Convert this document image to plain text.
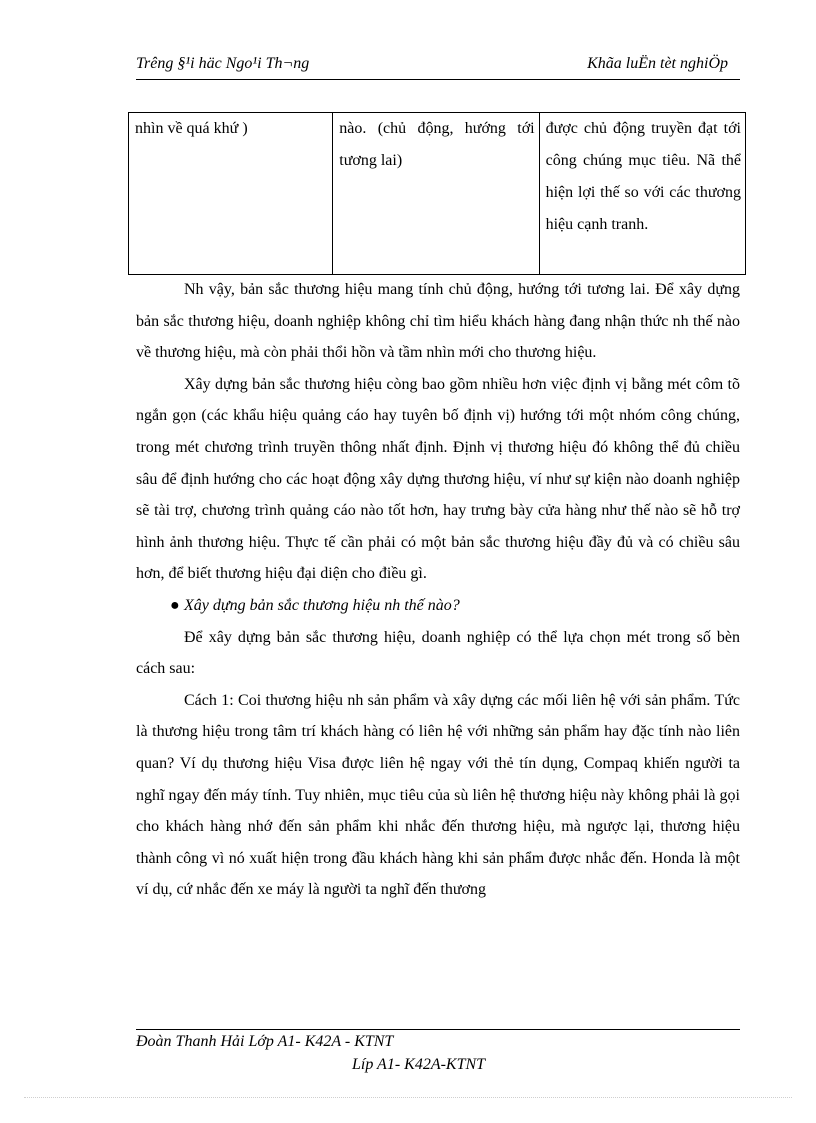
Trêng §¹i häc Ngo¹i Th¬ng	Khãa luËn tèt nghiÖp
nhìn về quá khứ )	nào. (chủ động, hướng tới tương lai)	được chủ động truyền đạt tới công chúng mục tiêu. Nã thể hiện lợi thế so với các thương hiệu cạnh tranh.

Nh vậy, bản sắc thương hiệu mang tính chủ động, hướng tới tương lai. Để xây dựng bản sắc thương hiệu, doanh nghiệp không chỉ tìm hiểu khách hàng đang nhận thức nh thế nào về thương hiệu, mà còn phải thổi hồn và tầm nhìn mới cho thương hiệu.

Xây dựng bản sắc thương hiệu còng bao gồm nhiều hơn việc định vị bằng mét côm tõ ngắn gọn (các khẩu hiệu quảng cáo hay tuyên bố định vị) hướng tới một nhóm công chúng, trong mét chương trình truyền thông nhất định. Định vị thương hiệu đó không thể đủ chiều sâu để định hướng cho các hoạt động xây dựng thương hiệu, ví như sự kiện nào doanh nghiệp sẽ tài trợ, chương trình quảng cáo nào tốt hơn, hay trưng bày cửa hàng như thế nào sẽ hỗ trợ hình ảnh thương hiệu. Thực tế cần phải có một bản sắc thương hiệu đầy đủ và có chiều sâu hơn, để biết thương hiệu đại diện cho điều gì.

● Xây dựng bản sắc thương hiệu nh thế nào?

Để xây dựng bản sắc thương hiệu, doanh nghiệp có thể lựa chọn mét trong số bèn cách sau:

Cách 1: Coi thương hiệu nh sản phẩm và xây dựng các mối liên hệ với sản phẩm. Tức là thương hiệu trong tâm trí khách hàng có liên hệ với những sản phẩm hay đặc tính nào liên quan? Ví dụ thương hiệu Visa được liên hệ ngay với thẻ tín dụng, Compaq khiến người ta nghĩ ngay đến máy tính. Tuy nhiên, mục tiêu của sù liên hệ thương hiệu này không phải là gọi cho khách hàng nhớ đến sản phẩm khi nhắc đến thương hiệu, mà ngược lại, thương hiệu thành công vì nó xuất hiện trong đầu khách hàng khi sản phẩm được nhắc đến. Honda là một ví dụ, cứ nhắc đến xe máy là người ta nghĩ đến thương

Đoàn Thanh Hải Lớp A1- K42A - KTNT
Líp A1- K42A-KTNT
